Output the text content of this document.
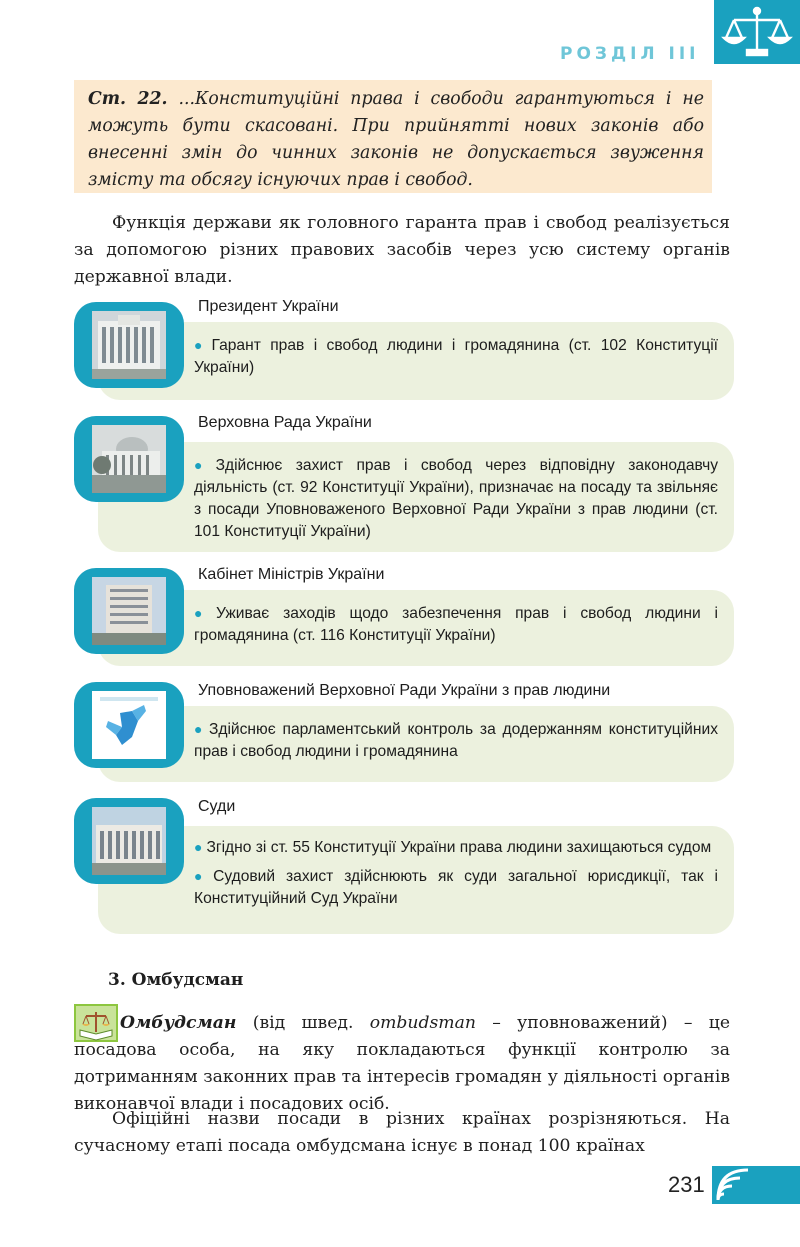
РОЗДІЛ ІІІ
Ст. 22. ...Конституційні права і свободи гарантуються і не можуть бути скасовані. При прийнятті нових законів або внесенні змін до чинних законів не допускається звуження змісту та обсягу існуючих прав і свобод.
Функція держави як головного гаранта прав і свобод реалізується за допомогою різних правових засобів через усю систему органів державної влади.
Президент України

● Гарант прав і свобод людини і громадянина (ст. 102 Конституції України)

Верховна Рада України

● Здійснює захист прав і свобод через відповідну законодавчу діяльність (ст. 92 Конституції України), призначає на посаду та звільняє з посади Уповноваженого Верховної Ради України з прав людини (ст. 101 Конституції України)

Кабінет Міністрів України

● Уживає заходів щодо забезпечення прав і свобод людини і громадянина (ст. 116 Конституції України)

Уповноважений Верховної Ради України з прав людини

● Здійснює парламентський контроль за додержанням конституційних прав і свобод людини і громадянина

Суди

● Згідно зі ст. 55 Конституції України права людини захищаються судом

● Судовий захист здійснюють як суди загальної юрисдикції, так і Конституційний Суд України

3. Омбудсман
Омбудсман (від швед. ombudsman – уповноважений) – це посадова особа, на яку покладаються функції контролю за дотриманням законних прав та інтересів громадян у діяльності органів виконавчої влади і посадових осіб.
Офіційні назви посади в різних країнах розрізняються. На сучасному етапі посада омбудсмана існує в понад 100 країнах
231
